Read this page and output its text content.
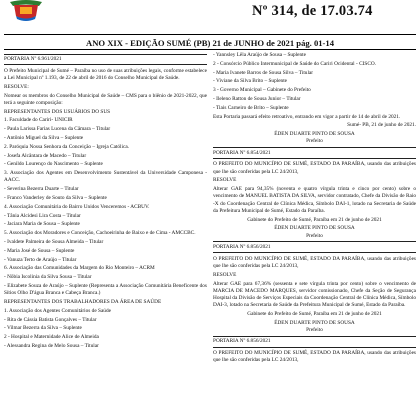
Nº 314, de 17.03.74
ANO XIX - EDIÇÃO SUMÉ (PB) 21 de JUNHO de 2021 pág. 01-14
PORTARIA Nº 6.961/2021
O Prefeito Municipal de Sumé – Paraíba no uso de suas atribuições legais, conforme estabelece a Lei Municipal nº 1.193, de 22 de abril de 2016 do Conselho Municipal de Saúde.
RESOLVE:
Nomear os membros do Conselho Municipal de Saúde – CMS para o biênio de 2021-2022, que terá a seguinte composição:
REPRESENTANTES DOS USUÁRIOS DO SUS
1. Faculdade do Cariri- UNICIR
- Paula Larissa Farias Lucena da Câmara – Titular
- Antônio Miguel da Silva – Suplente
2. Paróquia Nossa Senhora da Conceição – Igreja Católica.
- Josefa Alcântara de Macedo – Titular
- Genildo Lourenço do Nascimento – Suplente
3. Associação dos Agentes em Desenvolvimento Sustentável da Universidade Camponesa - AACC.
- Severina Bezerra Duarte – Titular
- Franco Vanderley de Souto da Silva – Suplente
4. Associação Comunitária do Bairro Unidos Venceremos - ACBUV.
- Tânia Alcidesi Lira Costa – Titular
- Jaciara Maria de Sousa – Suplente
5. Associação dos Moradores e Conceição, Cachoeirinha de Baixo e de Cima - AMCCBC.
- Ivaldete Palmeira de Sousa Almeida – Titular
- Maria José de Sousa – Suplente
- Vanuza Terto de Araújo – Titular
6. Associação das Comunidades da Margem do Rio Monteiro – ACRM
- Nôbia Iscolinia da Silva Sousa – Titular
- Elizabete Souza de Araújo – Suplente (Representa a Associação Comunitária Beneficente dos Sítios Olho D'água Branca e Cabeça Branca.)
REPRESENTANTES DOS TRABALHADORES DA ÁREA DE SAÚDE
1. Associação dos Agentes Comunitários de Saúde
- Rita de Cássia Batista Gonçalves – Titular
- Vilmar Bezerra da Silva – Suplente
2 - Hospital e Maternidade Alice de Almeida
- Alessandra Regina de Melo Sousa – Titular
- Yannsley Lêla Araújo de Sousa – Suplente
2 - Consórcio Público Intermunicipal de Saúde do Cariri Ocidental - CISCO.
- Maria Ivanete Barros de Sousa Silva – Titular
- Viviane da Silva Brito – Suplente
3 - Governo Municipal – Gabinete do Prefeito
- Ileleno Ratton de Sousa Junior – Titular
- Tiais Carneiro de Brito – Suplente
Esta Portaria passará efeito retroativo, entrando em vigor a partir de 14 de abril de 2021.
Sumé- PB, 21 de junho de 2021.
ÉDEN DUARTE PINTO DE SOUSA
Prefeito
PORTARIA Nº 6.854/2021
O PREFEITO DO MUNICÍPIO DE SUMÉ, ESTADO DA PARAÍBA, usando das atribuições que lhe são conferidas pela LC 24/2013,
RESOLVE
Alterar GAE para 94,35% (noventa e quatro vírgula trinta e cinco por cento) sobre o vencimento de MANUEL BATISTA DA SILVA, servidor contratado, Chefe da Divisão de Raio -X do Coordenação Central de Clínica Médica, Símbolo DAI-1, lotado na Secretaria de Saúde da Prefeitura Municipal de Sumé, Estado da Paraíba.
Gabinete do Prefeito de Sumé, Paraíba em 21 de junho de 2021
ÉDEN DUARTE PINTO DE SOUSA
Prefeito
PORTARIA Nº 6.856/2021
O PREFEITO DO MUNICÍPIO DE SUMÉ, ESTADO DA PARAÍBA, usando das atribuições que lhe são conferidas pela LC 24/2013,
RESOLVE
Alterar GAE para 67,36% (sessenta e sete vírgula trinta por cento) sobre o vencimento de MARCIA DE MACEDO MARQUES, servidor comissionado, Chefe da Seção de Segurança Hospital da Divisão de Serviços Especiais da Coordenação Central de Clínica Médica, Símbolo DAI-3, lotado na Secretaria de Saúde da Prefeitura Municipal de Sumé, Estado da Paraíba.
Gabinete do Prefeito de Sumé, Paraíba em 21 de junho de 2021
ÉDEN DUARTE PINTO DE SOUSA
Prefeito
PORTARIA Nº 6.856/2021
O PREFEITO DO MUNICÍPIO DE SUMÉ, ESTADO DA PARAÍBA, usando das atribuições que lhe são conferidas pela LC 24/2013,
